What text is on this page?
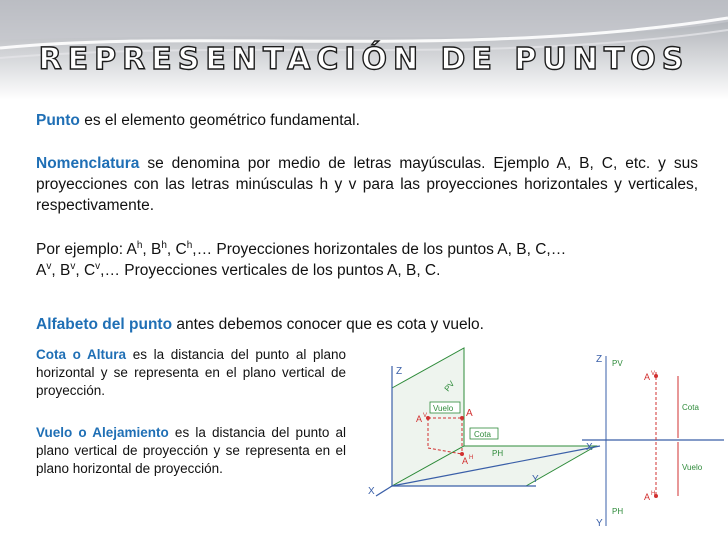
REPRESENTACIÓN DE PUNTOS

Punto es el elemento geométrico fundamental.

Nomenclatura se denomina por medio de letras mayúsculas. Ejemplo A, B, C, etc. y sus proyecciones con las letras minúsculas h y v para las proyecciones horizontales y verticales, respectivamente.

Por ejemplo: $A^h$, $B^h$, $C^h,\dots$ Proyecciones horizontales de los puntos A, B, C,…
$A^v$, $B^v$, $C^v,\dots$ Proyecciones verticales de los puntos A, B, C.

Alfabeto del punto antes debemos conocer que es cota y vuelo.

Cota o Altura es la distancia del punto al plano horizontal y se representa en el plano vertical de proyección.

Vuelo o Alejamiento es la distancia del punto al plano vertical de proyección y se representa en el plano horizontal de proyección.

Z
X
Y
PV
PH
A
A V
A H
Vuelo
Cota
Z
X
Y
PV
PH
A V
A H
Cota
Vuelo
